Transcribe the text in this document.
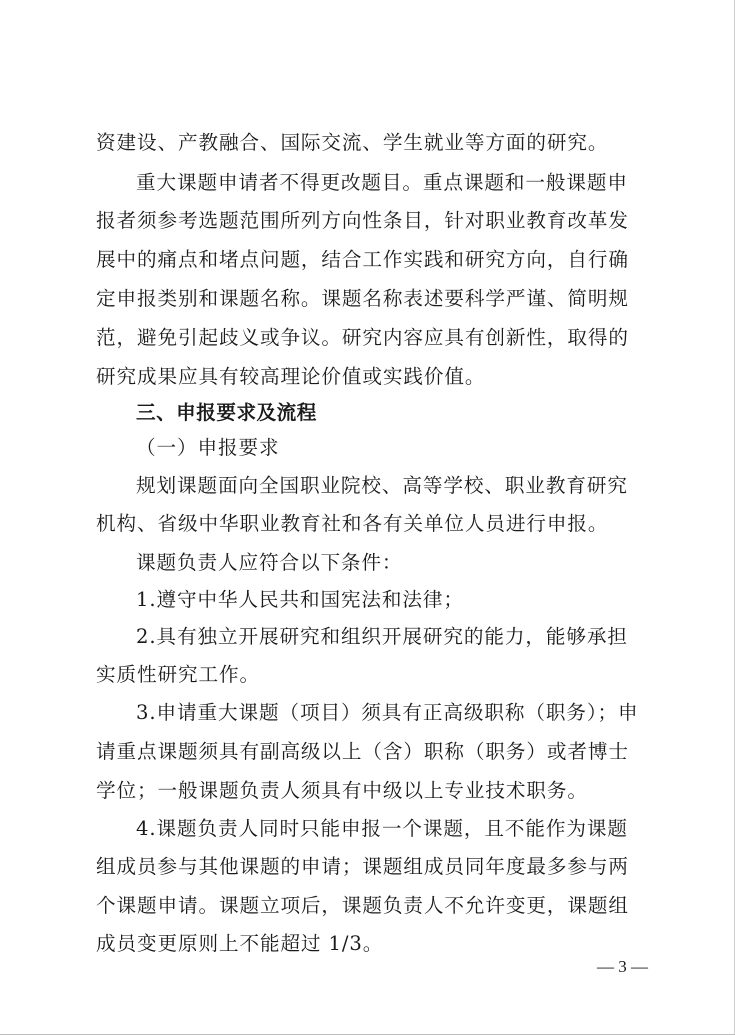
资建设、产教融合、国际交流、学生就业等方面的研究。
重大课题申请者不得更改题目。重点课题和一般课题申
报者须参考选题范围所列方向性条目，针对职业教育改革发
展中的痛点和堵点问题，结合工作实践和研究方向，自行确
定申报类别和课题名称。课题名称表述要科学严谨、简明规
范，避免引起歧义或争议。研究内容应具有创新性，取得的
研究成果应具有较高理论价值或实践价值。
三、申报要求及流程
（一）申报要求
规划课题面向全国职业院校、高等学校、职业教育研究
机构、省级中华职业教育社和各有关单位人员进行申报。
课题负责人应符合以下条件：
1.遵守中华人民共和国宪法和法律；
2.具有独立开展研究和组织开展研究的能力，能够承担
实质性研究工作。
3.申请重大课题（项目）须具有正高级职称（职务）；申
请重点课题须具有副高级以上（含）职称（职务）或者博士
学位；一般课题负责人须具有中级以上专业技术职务。
4.课题负责人同时只能申报一个课题，且不能作为课题
组成员参与其他课题的申请；课题组成员同年度最多参与两
个课题申请。课题立项后，课题负责人不允许变更，课题组
成员变更原则上不能超过 1/3。
— 3 —
